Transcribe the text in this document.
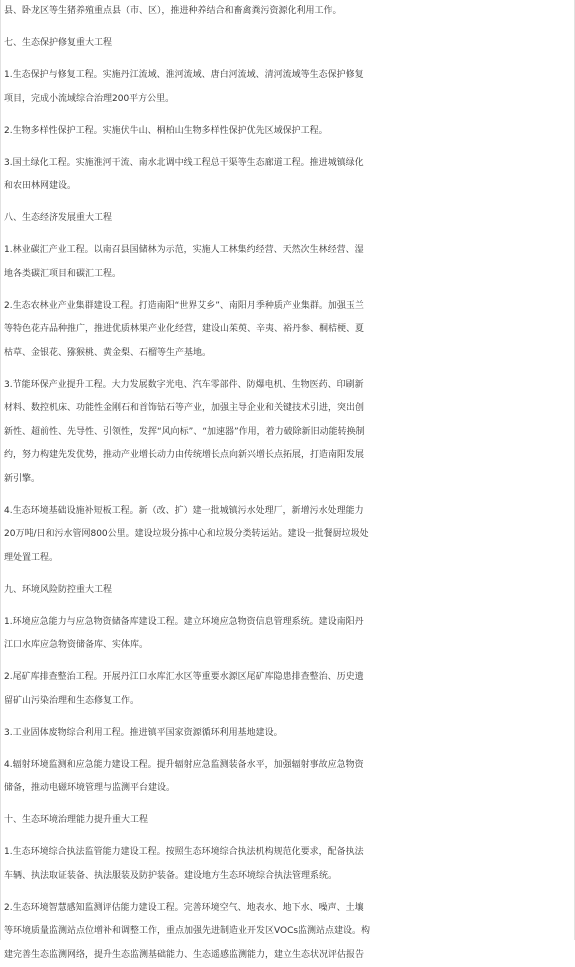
县、卧龙区等生猪养殖重点县（市、区），推进种养结合和畜禽粪污资源化利用工作。

七、生态保护修复重大工程

1.生态保护与修复工程。实施丹江流域、淮河流域、唐白河流域、清河流域等生态保护修复

项目，完成小流域综合治理200平方公里。

2.生物多样性保护工程。实施伏牛山、桐柏山生物多样性保护优先区域保护工程。

3.国土绿化工程。实施淮河干流、南水北调中线工程总干渠等生态廊道工程。推进城镇绿化

和农田林网建设。

八、生态经济发展重大工程

1.林业碳汇产业工程。以南召县国储林为示范，实施人工林集约经营、天然次生林经营、湿

地各类碳汇项目和碳汇工程。

2.生态农林业产业集群建设工程。打造南阳“世界艾乡”、南阳月季种质产业集群。加强玉兰

等特色花卉品种推广，推进优质林果产业化经营，建设山茱萸、辛夷、裕丹参、桐桔梗、夏

枯草、金银花、猕猴桃、黄金梨、石榴等生产基地。

3.节能环保产业提升工程。大力发展数字光电、汽车零部件、防爆电机、生物医药、印刷新

材料、数控机床、功能性金刚石和首饰钻石等产业，加强主导企业和关键技术引进，突出创

新性、超前性、先导性、引领性，发挥“风向标”、“加速器”作用，着力破除新旧动能转换制

约，努力构建先发优势，推动产业增长动力由传统增长点向新兴增长点拓展，打造南阳发展

新引擎。

4.生态环境基础设施补短板工程。新（改、扩）建一批城镇污水处理厂，新增污水处理能力

20万吨/日和污水管网800公里。建设垃圾分拣中心和垃圾分类转运站。建设一批餐厨垃圾处

理处置工程。

九、环境风险防控重大工程

1.环境应急能力与应急物资储备库建设工程。建立环境应急物资信息管理系统。建设南阳丹

江口水库应急物资储备库、实体库。

2.尾矿库排查整治工程。开展丹江口水库汇水区等重要水源区尾矿库隐患排查整治、历史遗

留矿山污染治理和生态修复工作。

3.工业固体废物综合利用工程。推进镇平国家资源循环利用基地建设。

4.辐射环境监测和应急能力建设工程。提升辐射应急监测装备水平，加强辐射事故应急物资

储备，推动电磁环境管理与监测平台建设。

十、生态环境治理能力提升重大工程

1.生态环境综合执法监管能力建设工程。按照生态环境综合执法机构规范化要求，配备执法

车辆、执法取证装备、执法服装及防护装备。建设地方生态环境综合执法管理系统。

2.生态环境智慧感知监测评估能力建设工程。完善环境空气、地表水、地下水、噪声、土壤

等环境质量监测站点位增补和调整工作，重点加强先进制造业开发区VOCs监测站点建设。构

建完善生态监测网络，提升生态监测基础能力、生态遥感监测能力，建立生态状况评估报告
